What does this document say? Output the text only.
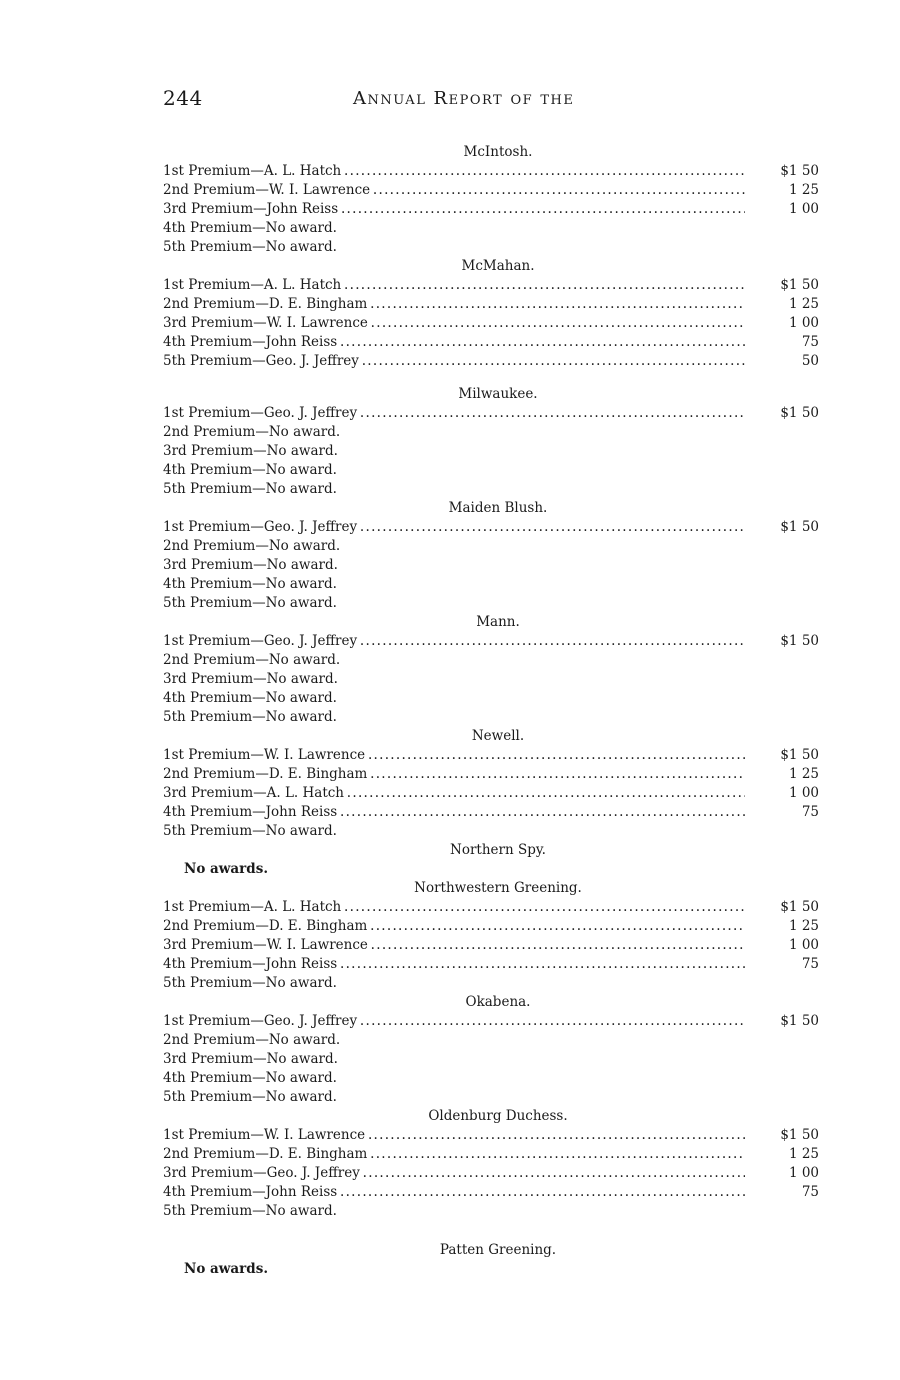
244	Annual Report of the
McIntosh.
1st Premium—A. L. Hatch . . .	$1 50
2nd Premium—W. I. Lawrence . . .	1 25
3rd Premium—John Reiss . . .	1 00
4th Premium—No award.
5th Premium—No award.
McMahan.
1st Premium—A. L. Hatch . . .	$1 50
2nd Premium—D. E. Bingham . . .	1 25
3rd Premium—W. I. Lawrence . . .	1 00
4th Premium—John Reiss . . .	75
5th Premium—Geo. J. Jeffrey . . .	50
Milwaukee.
1st Premium—Geo. J. Jeffrey . . .	$1 50
2nd Premium—No award.
3rd Premium—No award.
4th Premium—No award.
5th Premium—No award.
Maiden Blush.
1st Premium—Geo. J. Jeffrey . . .	$1 50
2nd Premium—No award.
3rd Premium—No award.
4th Premium—No award.
5th Premium—No award.
Mann.
1st Premium—Geo. J. Jeffrey . . .	$1 50
2nd Premium—No award.
3rd Premium—No award.
4th Premium—No award.
5th Premium—No award.
Newell.
1st Premium—W. I. Lawrence . . .	$1 50
2nd Premium—D. E. Bingham . . .	1 25
3rd Premium—A. L. Hatch . . .	1 00
4th Premium—John Reiss . . .	75
5th Premium—No award.
Northern Spy.
No awards.
Northwestern Greening.
1st Premium—A. L. Hatch . . .	$1 50
2nd Premium—D. E. Bingham . . .	1 25
3rd Premium—W. I. Lawrence . . .	1 00
4th Premium—John Reiss . . .	75
5th Premium—No award.
Okabena.
1st Premium—Geo. J. Jeffrey . . .	$1 50
2nd Premium—No award.
3rd Premium—No award.
4th Premium—No award.
5th Premium—No award.
Oldenburg Duchess.
1st Premium—W. I. Lawrence . . .	$1 50
2nd Premium—D. E. Bingham . . .	1 25
3rd Premium—Geo. J. Jeffrey . . .	1 00
4th Premium—John Reiss . . .	75
5th Premium—No award.
Patten Greening.
No awards.
